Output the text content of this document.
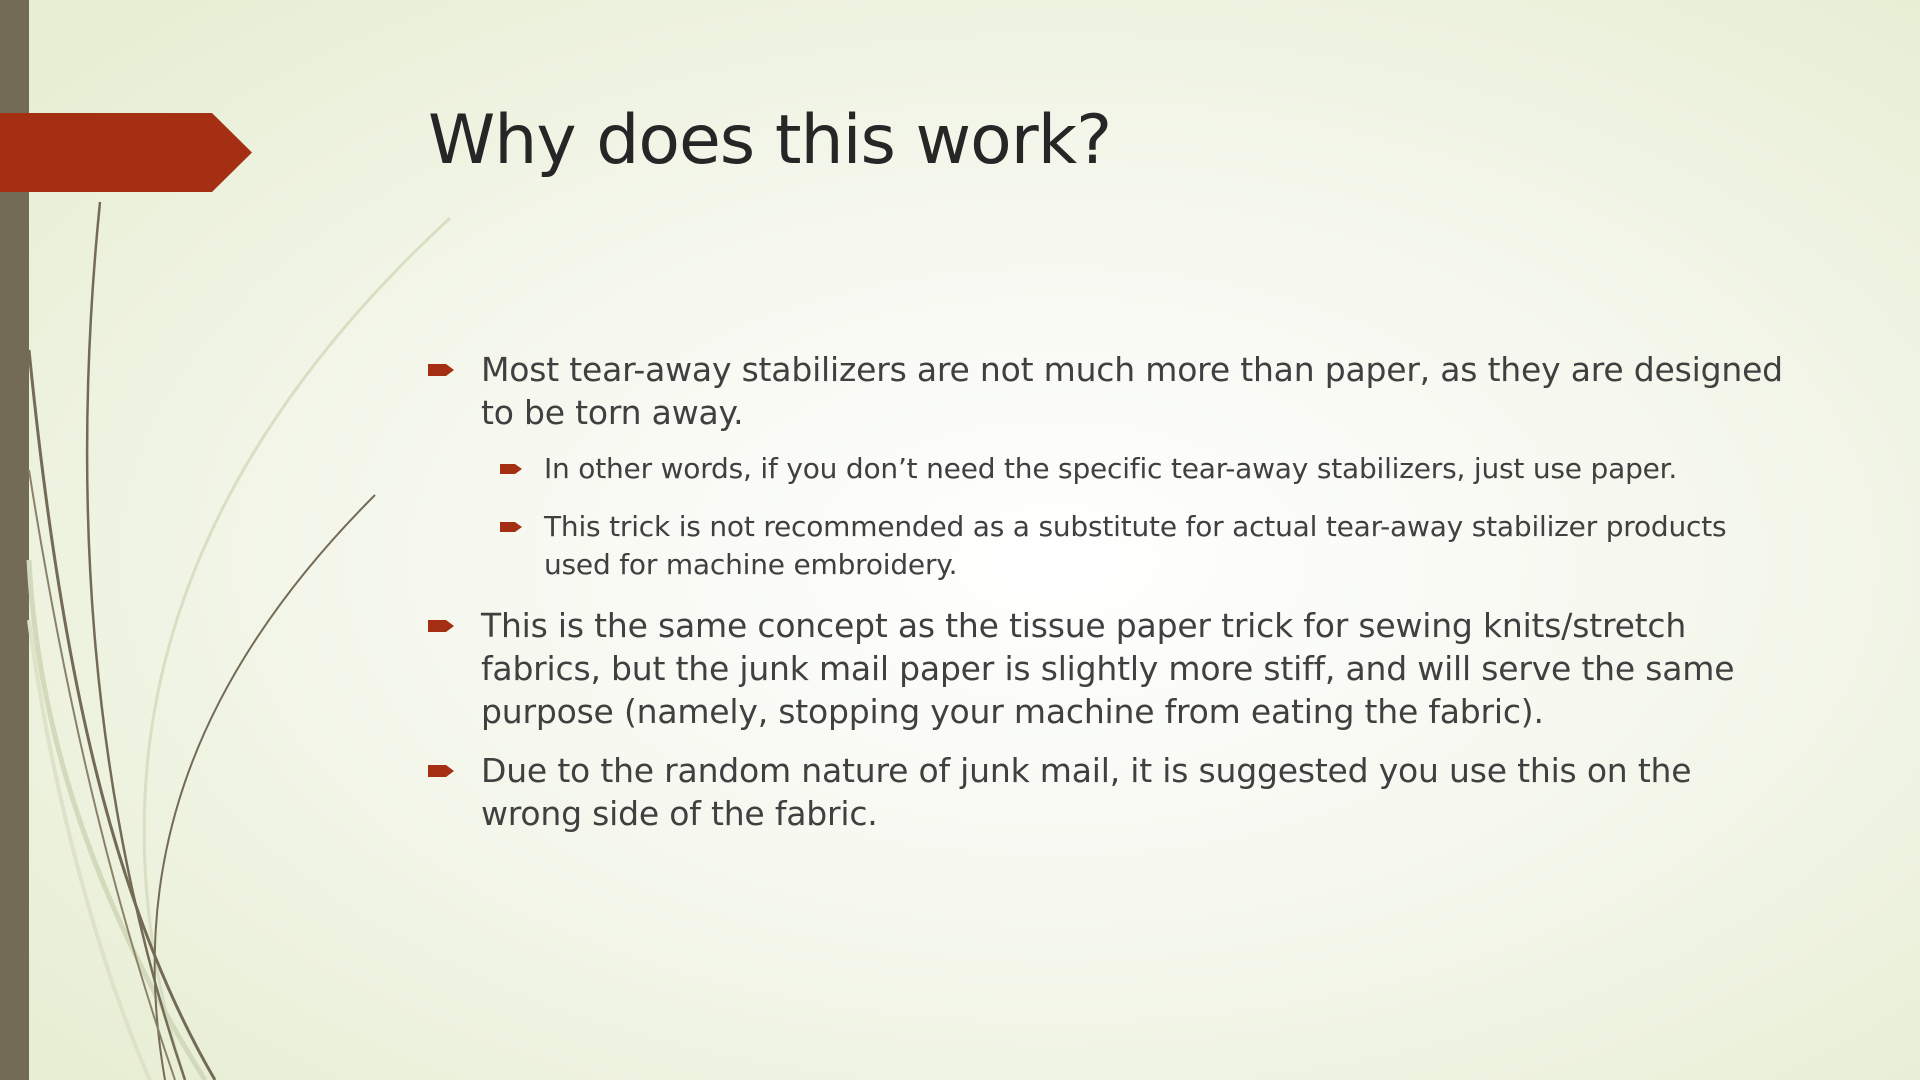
Why does this work?
Most tear-away stabilizers are not much more than paper, as they are designed to be torn away.
In other words, if you don’t need the specific tear-away stabilizers, just use paper.
This trick is not recommended as a substitute for actual tear-away stabilizer products used for machine embroidery.
This is the same concept as the tissue paper trick for sewing knits/stretch fabrics, but the junk mail paper is slightly more stiff, and will serve the same purpose (namely, stopping your machine from eating the fabric).
Due to the random nature of junk mail, it is suggested you use this on the wrong side of the fabric.
